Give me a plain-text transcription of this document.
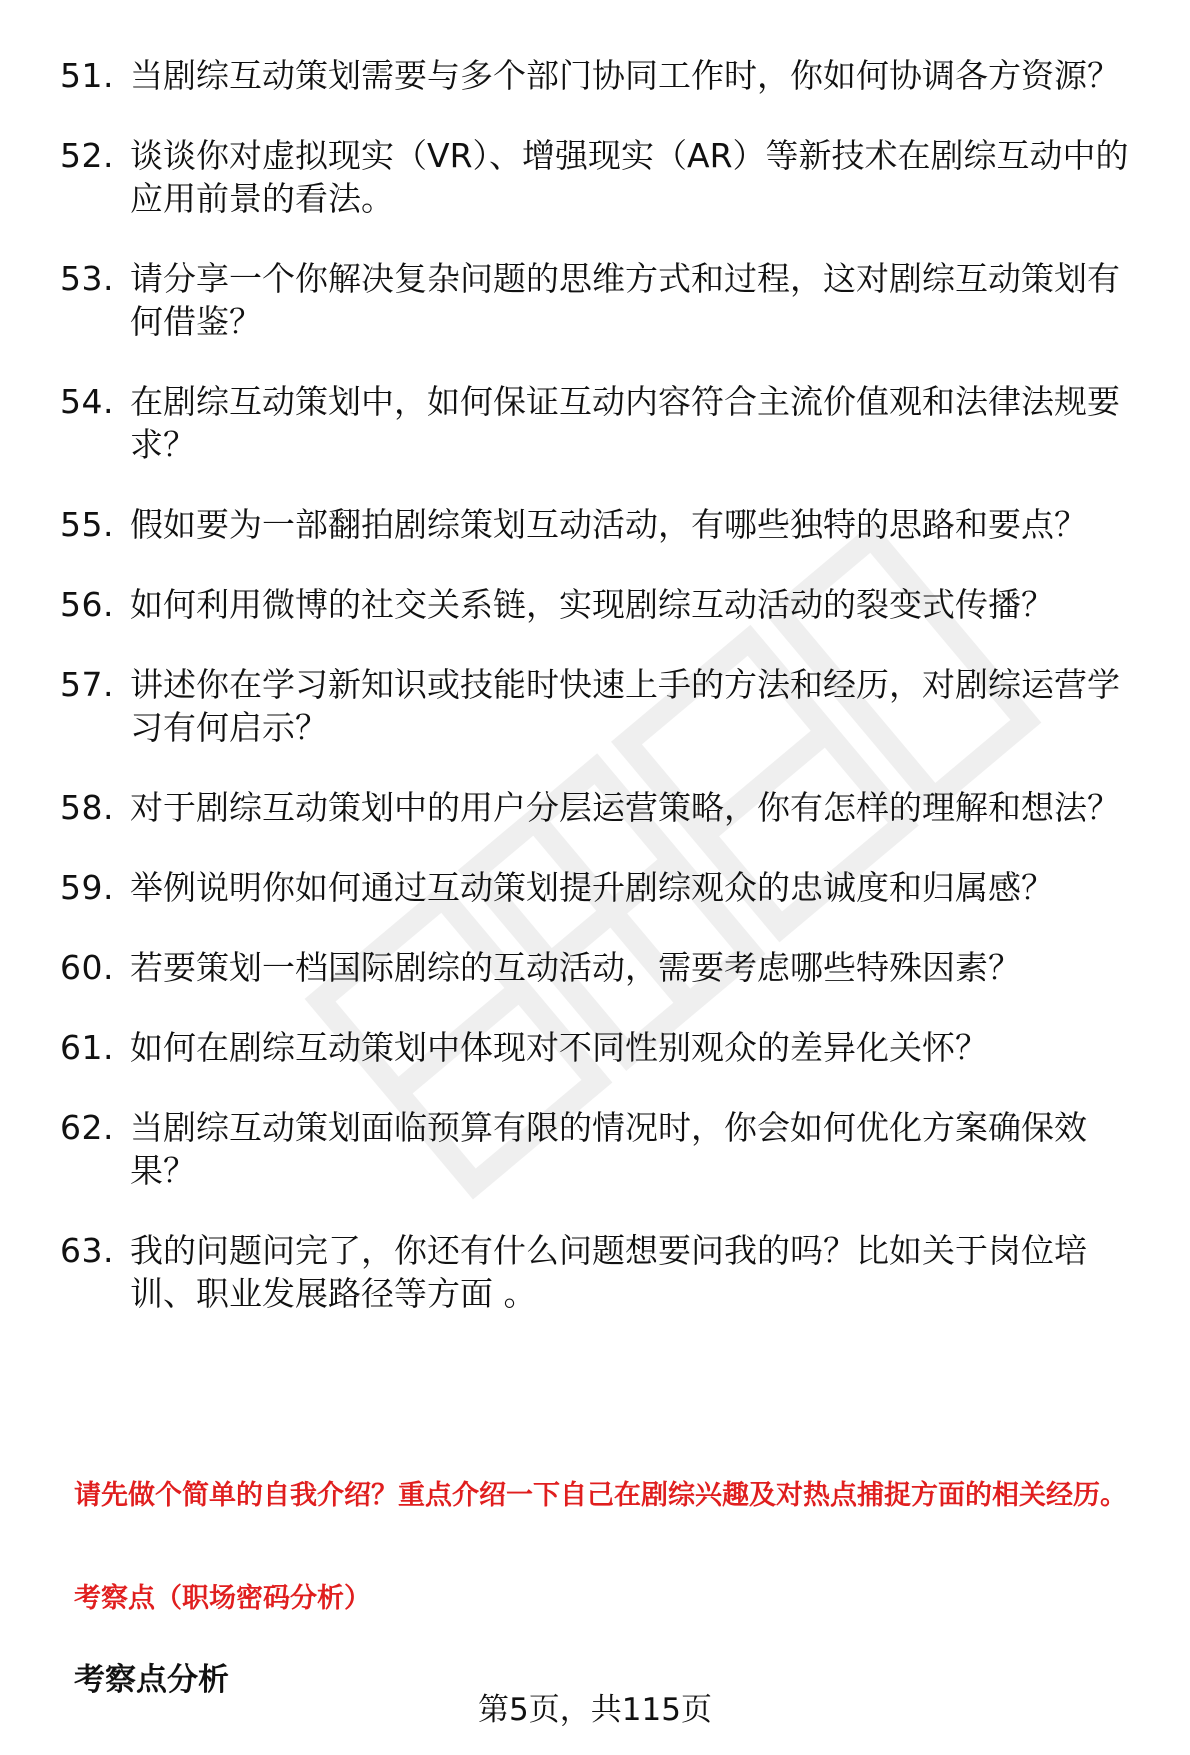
51. 当剧综互动策划需要与多个部门协同工作时，你如何协调各方资源？
52. 谈谈你对虚拟现实（VR）、增强现实（AR）等新技术在剧综互动中的应用前景的看法。
53. 请分享一个你解决复杂问题的思维方式和过程，这对剧综互动策划有何借鉴？
54. 在剧综互动策划中，如何保证互动内容符合主流价值观和法律法规要求？
55. 假如要为一部翻拍剧综策划互动活动，有哪些独特的思路和要点？
56. 如何利用微博的社交关系链，实现剧综互动活动的裂变式传播？
57. 讲述你在学习新知识或技能时快速上手的方法和经历，对剧综运营学习有何启示？
58. 对于剧综互动策划中的用户分层运营策略，你有怎样的理解和想法？
59. 举例说明你如何通过互动策划提升剧综观众的忠诚度和归属感？
60. 若要策划一档国际剧综的互动活动，需要考虑哪些特殊因素？
61. 如何在剧综互动策划中体现对不同性别观众的差异化关怀？
62. 当剧综互动策划面临预算有限的情况时，你会如何优化方案确保效果？
63. 我的问题问完了，你还有什么问题想要问我的吗？比如关于岗位培训、职业发展路径等方面 。
请先做个简单的自我介绍？重点介绍一下自己在剧综兴趣及对热点捕捉方面的相关经历。
考察点（职场密码分析）
考察点分析
第5页，共115页
